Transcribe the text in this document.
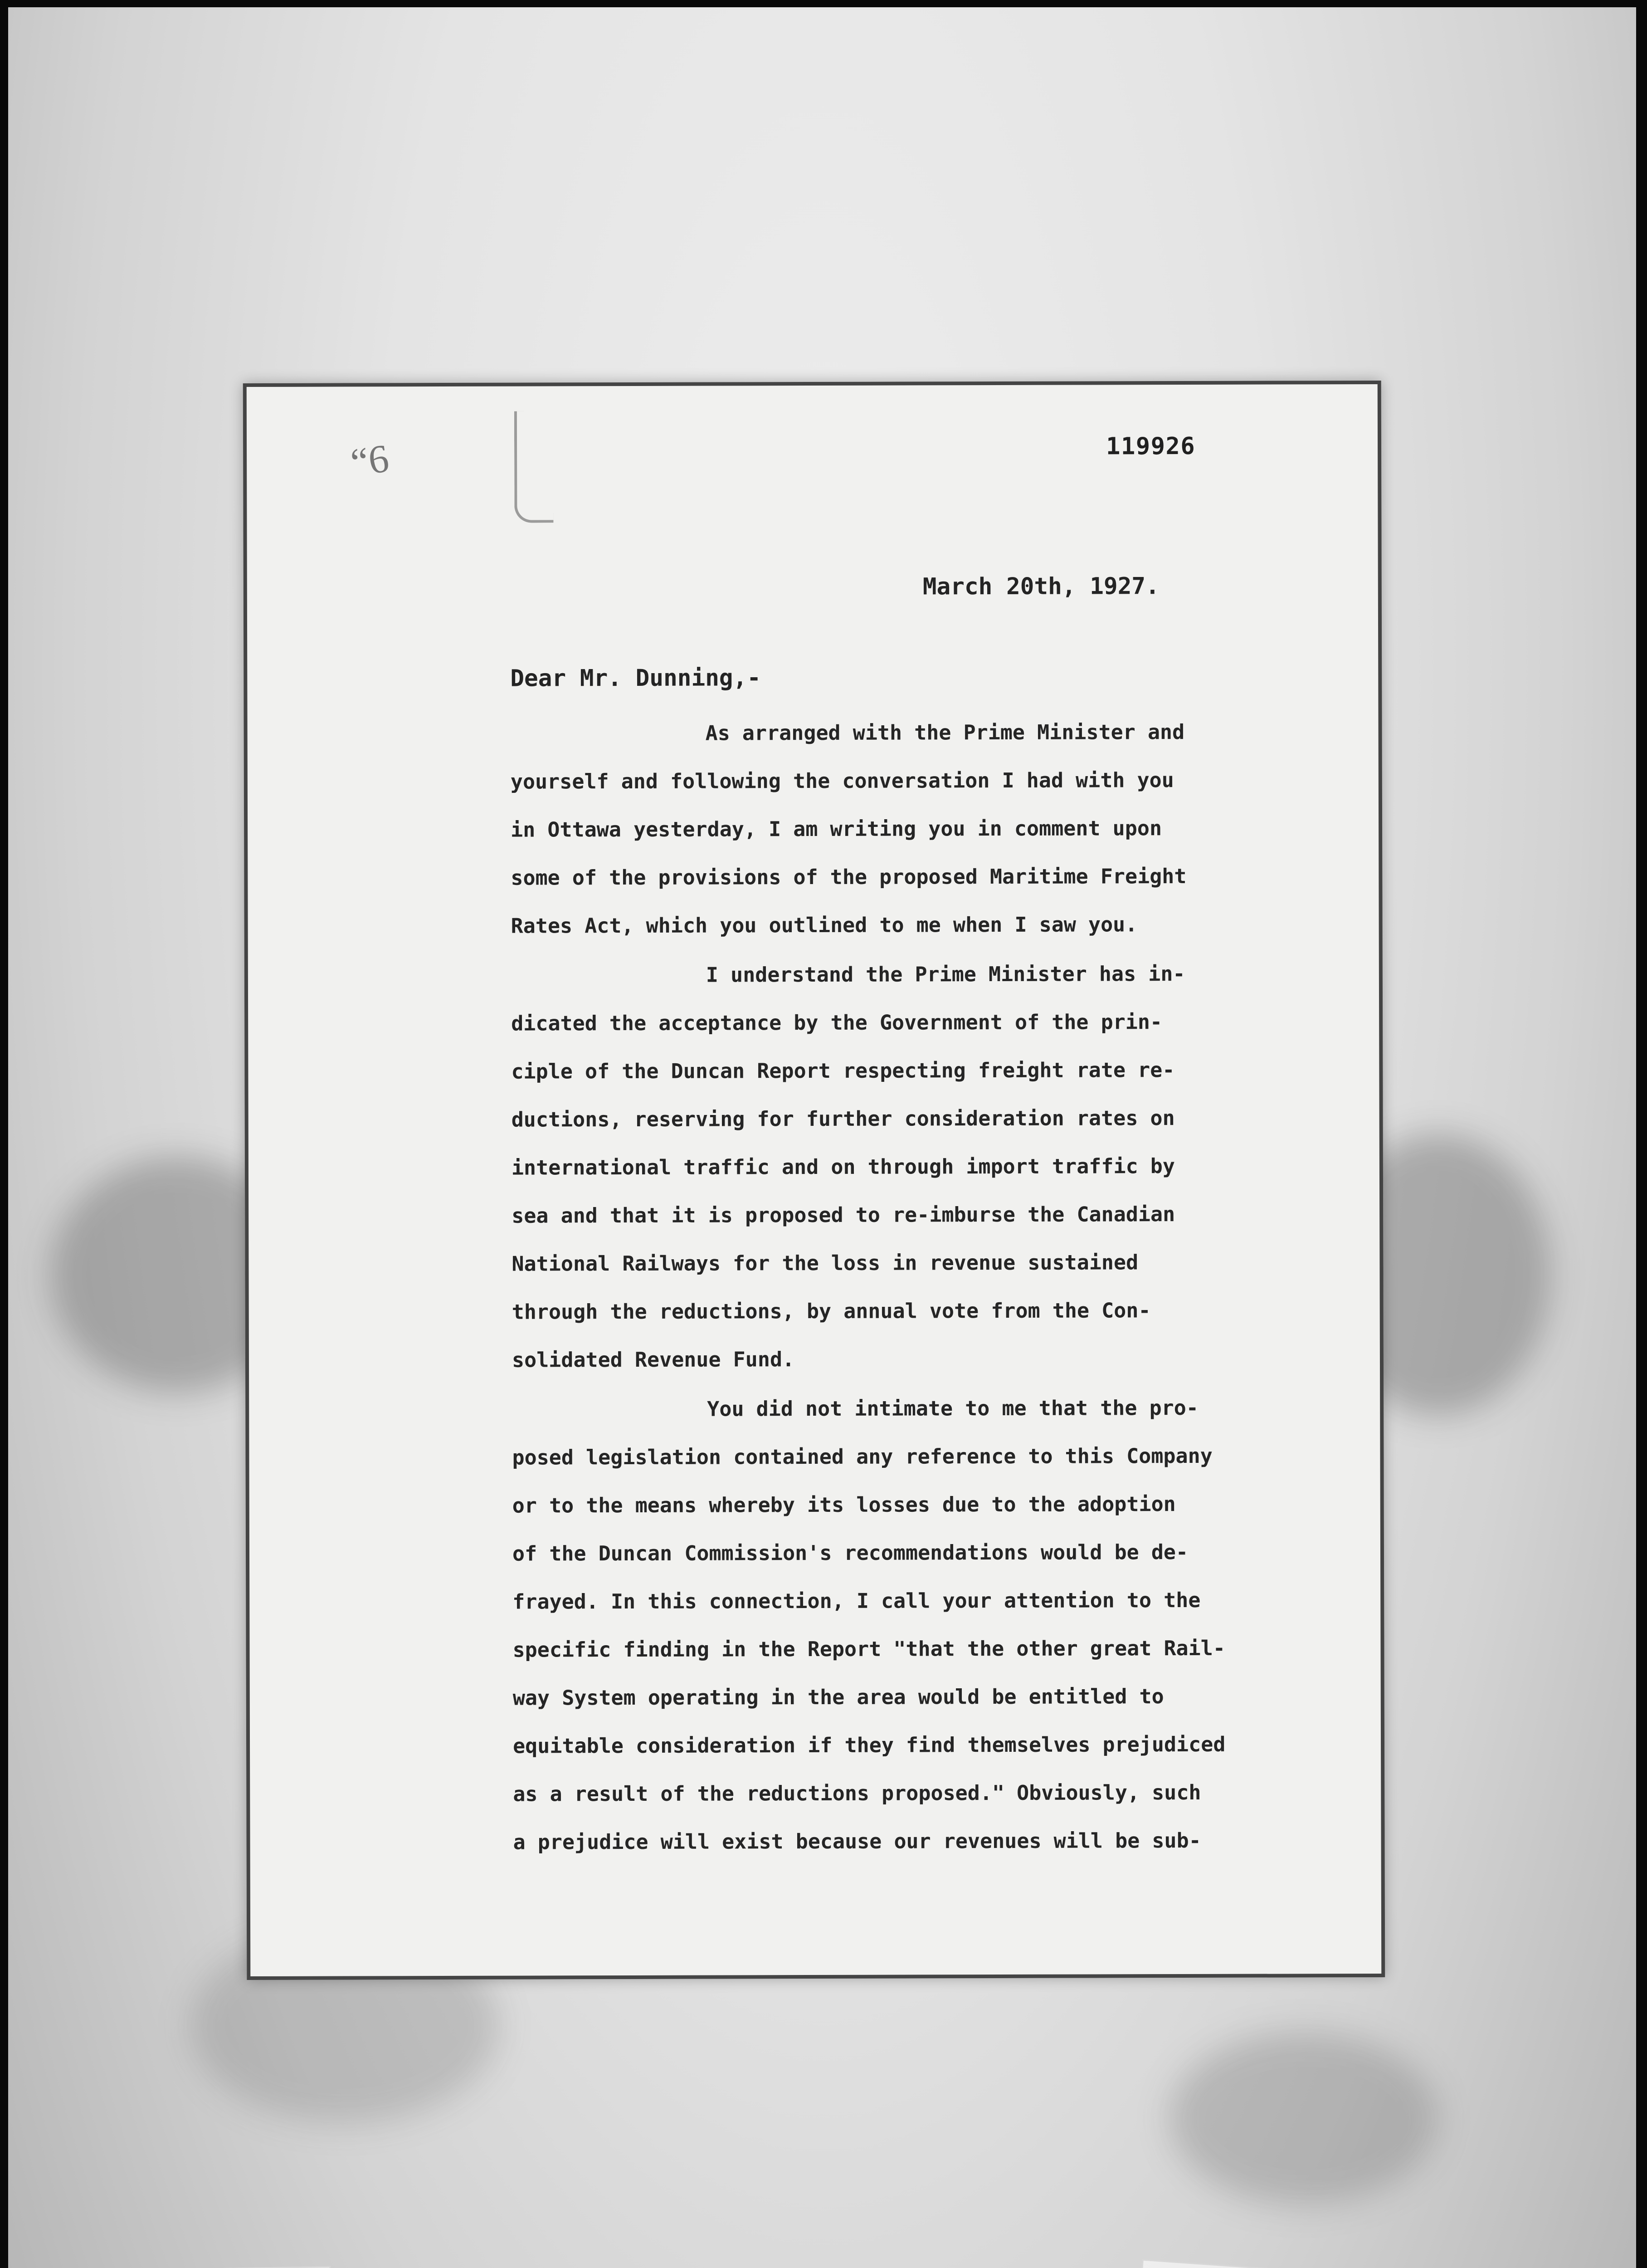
“6	119926
March 20th, 1927.
Dear Mr. Dunning,-
As arranged with the Prime Minister and
yourself and following the conversation I had with you
in Ottawa yesterday, I am writing you in comment upon
some of the provisions of the proposed Maritime Freight
Rates Act, which you outlined to me when I saw you.
I understand the Prime Minister has in-
dicated the acceptance by the Government of the prin-
ciple of the Duncan Report respecting freight rate re-
ductions, reserving for further consideration rates on
international traffic and on through import traffic by
sea and that it is proposed to re-imburse the Canadian
National Railways for the loss in revenue sustained
through the reductions, by annual vote from the Con-
solidated Revenue Fund.
You did not intimate to me that the pro-
posed legislation contained any reference to this Company
or to the means whereby its losses due to the adoption
of the Duncan Commission's recommendations would be de-
frayed. In this connection, I call your attention to the
specific finding in the Report "that the other great Rail-
way System operating in the area would be entitled to
equitable consideration if they find themselves prejudiced
as a result of the reductions proposed." Obviously, such
a prejudice will exist because our revenues will be sub-
